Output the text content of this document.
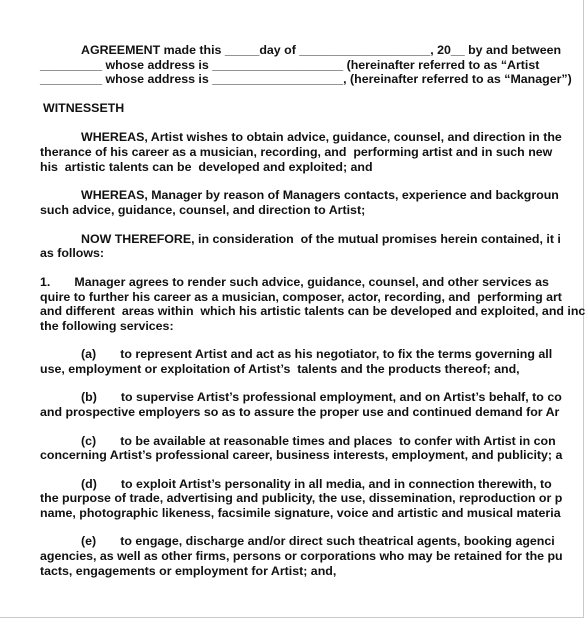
AGREEMENT made this _____day of ___________________, 20__ by and between
_________ whose address is ___________________ (hereinafter referred to as “Artist
_________ whose address is ___________________, (hereinafter referred to as “Manager”)
WITNESSETH
WHEREAS, Artist wishes to obtain advice, guidance, counsel, and direction in the
therance of his career as a musician, recording, and  performing artist and in such new
his  artistic talents can be  developed and exploited; and
WHEREAS, Manager by reason of Managers contacts, experience and backgroun
such advice, guidance, counsel, and direction to Artist;
NOW THEREFORE, in consideration  of the mutual promises herein contained, it i
as follows:
1.       Manager agrees to render such advice, guidance, counsel, and other services as
quire to further his career as a musician, composer, actor, recording, and  performing art
and different  areas within  which his artistic talents can be developed and exploited, and inc
the following services:
(a)       to represent Artist and act as his negotiator, to fix the terms governing all
use, employment or exploitation of Artist’s  talents and the products thereof; and,
(b)       to supervise Artist’s professional employment, and on Artist’s behalf, to co
and prospective employers so as to assure the proper use and continued demand for Ar
(c)       to be available at reasonable times and places  to confer with Artist in con
concerning Artist’s professional career, business interests, employment, and publicity; a
(d)       to exploit Artist’s personality in all media, and in connection therewith, to
the purpose of trade, advertising and publicity, the use, dissemination, reproduction or p
name, photographic likeness, facsimile signature, voice and artistic and musical materia
(e)       to engage, discharge and/or direct such theatrical agents, booking agenci
agencies, as well as other firms, persons or corporations who may be retained for the pu
tacts, engagements or employment for Artist; and,
